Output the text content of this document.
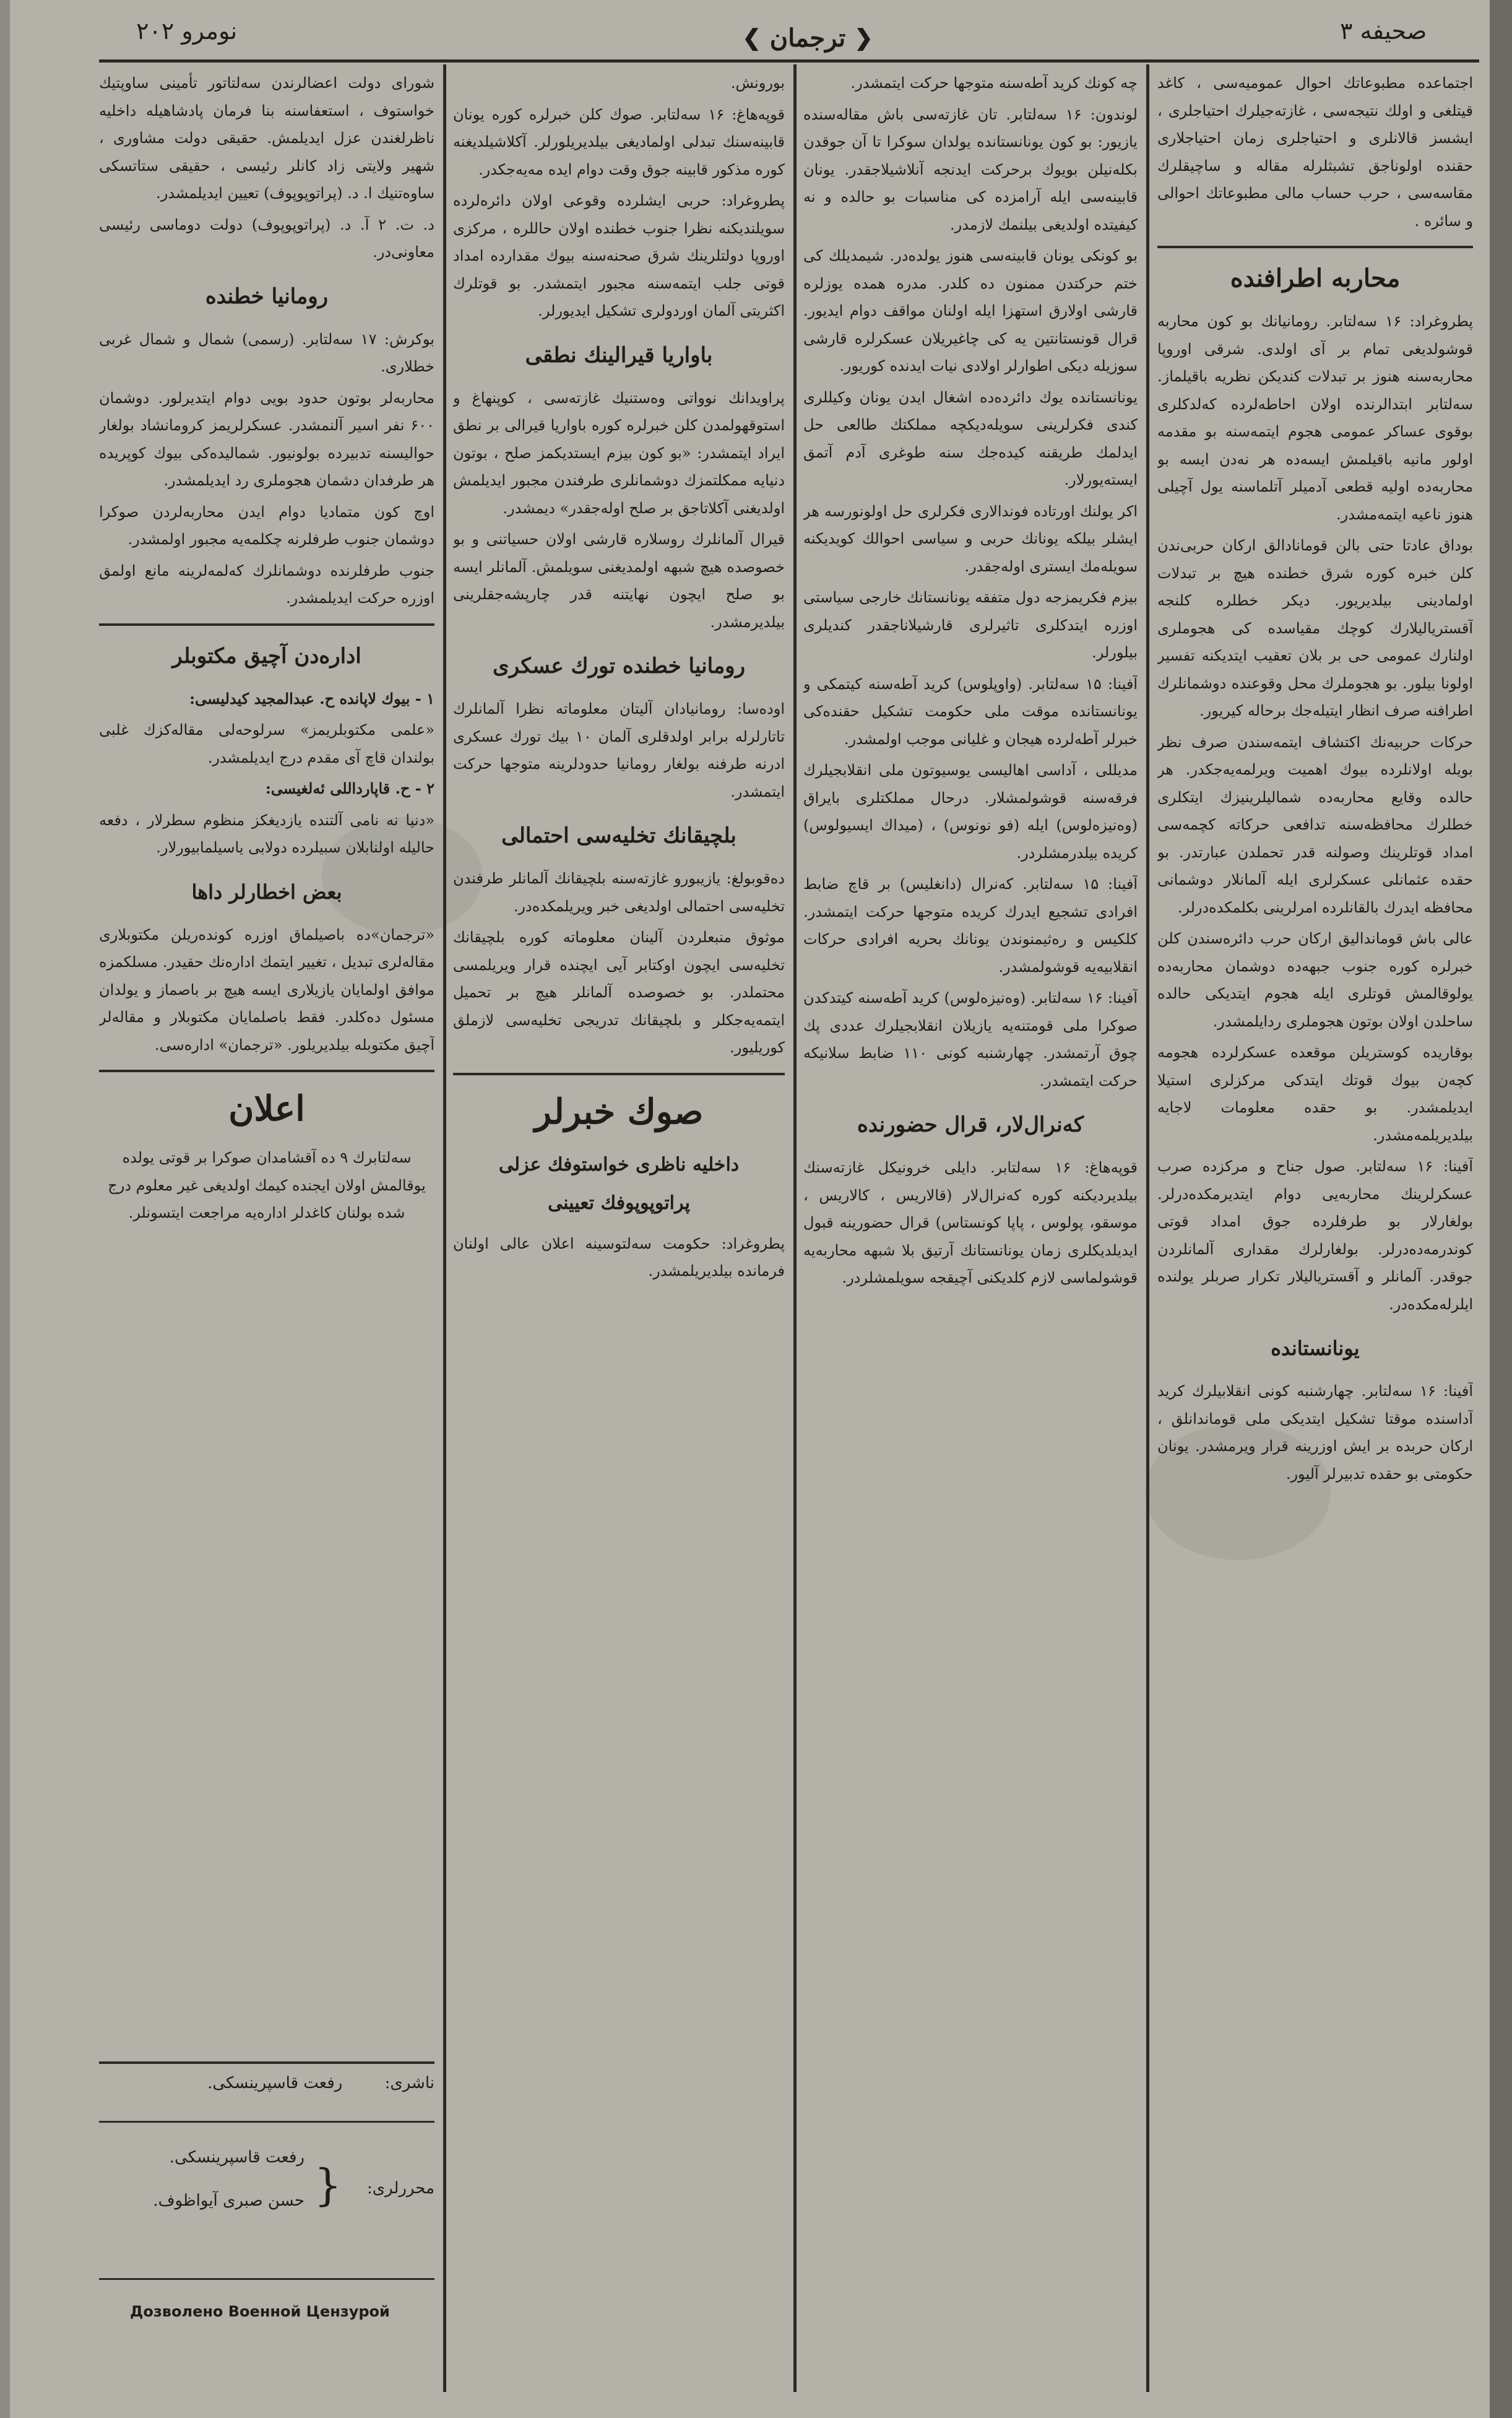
صحيفه ۳
نومرو ۲۰۲	❮ ترجمان ❯

اجتماعده مطبوعاتك احوال عموميه‌سى ، كاغد قيتلغى و اولك نتيجه‌سى ، غازته‌جيلرك احتياجلرى ، ايشسز قالانلرى و احتياجلرى زمان احتياجلارى حقنده اولوناجق تشبثلرله مقاله و ساچيقلرك مقاسه‌سى ، حرب حساب مالى مطبوعاتك احوالى و سائره .

محاربه اطرافنده

پطروغراد: ۱۶ سه‌لتابر. رومانيانك بو كون محاربه قوشولديغى تمام بر آى اولدى. شرقى اوروپا محاربه‌سنه هنوز بر تبدلات كنديكن نظريه باقيلماز. سه‌لتابر ابتدالرنده اولان احاطه‌لرده كه‌لدكلرى بوقوى عساكر عمومى هجوم ايتمه‌سنه بو مقدمه اولور مانيه باقيلمش ايسه‌ده هر نه‌دن ايسه بو محاربه‌ده اوليه قطعى آدميلر آتلماسنه يول آچيلى هنوز ناعيه ايتمه‌مشدر.

بوداق عادتا حتى بالن قومانادالق اركان حربى‌ندن كلن خبره كوره شرق خطنده هيچ بر تبدلات اولمادينى بيلديريور. ديكر خطلره كلنجه آقسترياليلارك كوچك مقياسده كى هجوملرى اولنارك عمومى حى بر بلان تعقيب ايتديكنه تفسير اولونا بيلور. بو هجوملرك محل وقوعنده دوشمانلرك اطرافنه صرف انظار ايتيله‌جك برحاله كيريور.

حركات حربيه‌نك اكتشاف ايتمه‌سندن صرف نظر بويله اولانلرده بيوك اهميت ويرلمه‌يه‌جكدر. هر حالده وقايع محاربه‌ده شماليلرينيزك ايتكلرى خطلرك محافظه‌سنه تدافعى حركاته كچمه‌سى امداد قوتلرينك وصولنه قدر تحملدن عبارتدر. بو حقده عثمانلى عسكرلرى ايله آلمانلار دوشمانى محافظه ايدرك بالقانلرده امرلرينى بكلمكده‌درلر.

عالى باش قومانداليق اركان حرب دائره‌سندن كلن خبرلره كوره جنوب جبهه‌ده دوشمان محاربه‌ده يولوقالمش قوتلرى ايله هجوم ايتديكى حالده ساحلدن اولان بوتون هجوملرى ردايلمشدر.

بوقاريده كوستريلن موقعده عسكرلرده هجومه كچه‌ن بيوك قوتك ايتدكى مركزلرى استيلا ايديلمشدر. بو حقده معلومات لاجايه بيلديريلمه‌مشدر.

آفينا: ۱۶ سه‌لتابر. صول جناح و مركزده صرب عسكرلرينك محاربه‌يى دوام ايتديرمكده‌درلر. بولغارلار بو طرفلرده جوق امداد قوتى كوندرمه‌ده‌درلر. بولغارلرك مقدارى آلمانلردن جوقدر. آلمانلر و آقسترياليلار تكرار صربلر يولنده ايلرله‌مكده‌در.

يونانستانده

آفينا: ۱۶ سه‌لتابر. چهارشنبه كونى انقلابيلرك كريد آداسنده موقتا تشكيل ايتديكى ملى قوماندانلق ، اركان حربده بر ايش اوزرينه قرار ويرمشدر. يونان حكومتى بو حقده تدبيرلر آليور.

چه كونك كريد آطه‌سنه متوجها حركت ايتمشدر.

لوندون: ۱۶ سه‌لتابر. تان غازته‌سى باش مقاله‌سنده يازيور: بو كون يونانستانده يولدان سوكرا تا آن جوقدن بكله‌نيلن بويوك برحركت ايدنجه آنلاشيلاجقدر. يونان قابينه‌سى ايله آرامزده كى مناسبات بو حالده و نه كيفيتده اولديغى بيلنمك لازمدر.

بو كونكى يونان قابينه‌سى هنوز يولده‌در. شيمديلك كى ختم حركتدن ممنون ده كلدر. مدره همده يوزلره قارشى اولارق استهزا ايله اولنان مواقف دوام ايديور. قرال قونستانتين يه كى چاغيريلان عسكرلره قارشى سوزيله ديكى اطوارلر اولادى نيات ايدنده كوريور.

يونانستانده يوك دائرده‌ده اشغال ايدن يونان وكيللرى كندى فكرلرينى سويله‌ديكچه مملكتك طالعى حل ايدلمك طريقنه كيده‌جك سنه طوغرى آدم آتمق ايسته‌يورلار.

اكر يولنك اورتاده فوندالارى فكرلرى حل اولونورسه هر ايشلر بيلكه يونانك حربى و سياسى احوالك كويديكنه سويله‌مك ايسترى اوله‌جقدر.

بيزم فكريمزجه دول متفقه يونانستانك خارجى سياستى اوزره ايتدكلرى تاثيرلرى قارشيلاناجقدر كنديلرى بيلورلر.

آفينا: ۱۵ سه‌لتابر. (واوپلوس) كريد آطه‌سنه كيتمكى و يونانستانده موقت ملى حكومت تشكيل حقنده‌كى خبرلر آطه‌لرده هيجان و غليانى موجب اولمشدر.

مديللى ، آداسى اهاليسى يوسيوتون ملى انقلابجيلرك فرقه‌سنه قوشولمشلار. درحال مملكتلرى بايراق (وه‌نيزه‌لوس) ايله (فو نونوس) ، (ميداك ايسيولوس) كريده بيلدرمشلردر.

آفينا: ۱۵ سه‌لتابر. كه‌نرال (دانغليس) بر قاچ ضابط افرادى تشجيع ايدرك كريده متوجها حركت ايتمشدر. كلكيس و ره‌ثيمنوندن يونانك بحريه افرادى حركات انقلابيه‌يه قوشولمشدر.

آفينا: ۱۶ سه‌لتابر. (وه‌نيزه‌لوس) كريد آطه‌سنه كيتدكدن صوكرا ملى قومتنه‌يه يازيلان انقلابجيلرك عددى پك چوق آرتمشدر. چهارشنبه كونى ۱۱۰ ضابط سلانيكه حركت ايتمشدر.

كه‌نرال‌لار، قرال حضورنده

قوپه‌هاغ: ۱۶ سه‌لتابر. دايلى خرونيكل غازته‌سنك بيلديرديكنه كوره كه‌نرال‌لار (قالاريس ، كالاريس ، موسقو، پولوس ، پاپا كونستاس) قرال حضورينه قبول ايديلديكلرى زمان يونانستانك آرتيق بلا شبهه محاربه‌يه قوشولماسى لازم كلديكنى آچيقجه سويلمشلردر.

بورونش.

قوپه‌هاغ: ۱۶ سه‌لتابر. صوك كلن خبرلره كوره يونان قابينه‌سنك تبدلى اولماديغى بيلديريلورلر. آكلاشيلديغنه كوره مذكور قابينه جوق وقت دوام ايده مه‌يه‌جكدر.

پطروغراد: حربى ايشلرده وقوعى اولان دائره‌لرده سويلنديكنه نظرا جنوب خطنده اولان حاللره ، مركزى اوروپا دولتلرينك شرق صحنه‌سنه بيوك مقدارده امداد قوتى جلب ايتمه‌سنه مجبور ايتمشدر. بو قوتلرك اكثريتى آلمان اوردولرى تشكيل ايديورلر.

باواريا قيرالينك نطقى

پراويدا‌نك نوواتى وه‌ستنيك غازته‌سى ، كوپنهاغ و استوقهولمدن كلن خبرلره كوره باواريا قيرالى بر نطق ايراد ايتمشدر: «بو كون بيزم ايستديكمز صلح ، بوتون دنيايه ممكلتمزك دوشمانلرى طرفندن مجبور ايديلمش اولديغنى آكلاتاجق بر صلح اوله‌جقدر» ديمشدر.

قيرال آلمانلرك روسلاره قارشى اولان حسياتنى و بو خصوصده هيچ شبهه اولمديغنى سويلمش. آلمانلر ايسه بو صلح ايچون نهايتنه قدر چارپشه‌جقلرينى بيلديرمشدر.

رومانيا خطنده تورك عسكرى

اوده‌سا: رومانيادان آليتان معلوماته نظرا آلمانلرك تاتارلرله برابر اولدقلرى آلمان ۱۰ بيك تورك عسكرى ادرنه طرفنه بولغار رومانيا حدودلرينه متوجها حركت ايتمشدر.

بلچيقانك تخليه‌سى احتمالى

ده‌قوبولغ: يازيبورو غازته‌سنه بلچيقانك آلمانلر طرفندن تخليه‌سى احتمالى اولديغى خبر ويريلمكده‌در.

موثوق منبعلردن آلينان معلوماته كوره بلچيقانك تخليه‌سى ايچون اوكتابر آيى ايچنده قرار ويريلمسى محتملدر. بو خصوصده آلمانلر هيچ بر تحميل ايتمه‌يه‌جكلر و بلچيقانك تدريجى تخليه‌سى لازملق كوريليور.

صوك خبرلر
داخليه ناظرى خواستوفك عزلى
پراتوپوپوفك تعيينى

پطروغراد: حكومت سه‌لتوسينه اعلان عالى اولنان فرمانده بيلديريلمشدر.

شوراى دولت اعضالرندن سه‌لتاتور تأمينى ساوپتيك خواستوف ، استعفاسنه بنا فرمان پادشاهيله داخليه ناظرلغندن عزل ايديلمش. حقيقى دولت مشاورى ، شهير ولايتى زاد كانلر رئيسى ، حقيقى ستاتسكى ساوه‌تنيك ا. د. (پراتوپوپوف) تعيين ايديلمشدر.

د. ت. ٢ آ. د. (پراتوپوپوف) دولت دوماسى رئيسى معاونى‌در.

رومانيا خطنده

بوكرش: ۱۷ سه‌لتابر. (رسمى) شمال و شمال غربى خطلارى.

محاربه‌لر بوتون حدود بويى دوام ايتديرلور. دوشمان ۶۰۰ نفر اسير آلنمشدر. عسكرلريمز كرومانشاد بولغار حواليسنه تدبيرده بولونيور. شماليده‌كى بيوك كوپريده هر طرفدان دشمان هجوملرى رد ايديلمشدر.

اوچ كون متماديا دوام ايدن محاربه‌لردن صوكرا دوشمان جنوب طرفلرنه چكلمه‌يه مجبور اولمشدر.

جنوب طرفلرنده دوشمانلرك كه‌لمه‌لرينه مانع اولمق اوزره حركت ايديلمشدر.

اداره‌دن آچيق مكتوبلر

۱ - بيوك لاپانده ح. عبدالمجيد كيدليسى:

«علمى مكتوبلريمز» سرلوحه‌لى مقاله‌كزك غلبى بولندان قاچ آى مقدم درج ايديلمشدر.

۲ - ح. قاپارداللى ئەلغيسى:

«دنيا نه نامى آلتنده يازديغكز منظوم سطرلار ، دفعه حاليله اولنابلان سبيلرده دولابى ياسيلمابيورلار.

بعض اخطارلر داها

«ترجمان»ده باصيلماق اوزره كونده‌ريلن مكتوبلارى مقاله‌لرى تبديل ، تغيير ايتمك اداره‌نك حقيدر. مسلكمزه موافق اولمايان يازيلارى ايسه هيچ بر باصماز و يولدان مسئول ده‌كلدر. فقط باصلمايان مكتوبلار و مقاله‌لر آچيق مكتوبله بيلديريلور. «ترجمان» اداره‌سى.

اعلان

سه‌لتابرك ۹ ده آقشامدان صوكرا بر قوتى يولده يوقالمش اولان ايجنده كيمك اولديغى غير معلوم درج شده بولنان كاغدلر اداره‌يه مراجعت ايتسونلر.

ناشرى: رفعت قاسپرينسكى.
محررلرى:
{
رفعت قاسپرينسكى.
حسن صبرى آيواظوف.
Дозволено Военной Цензурой
